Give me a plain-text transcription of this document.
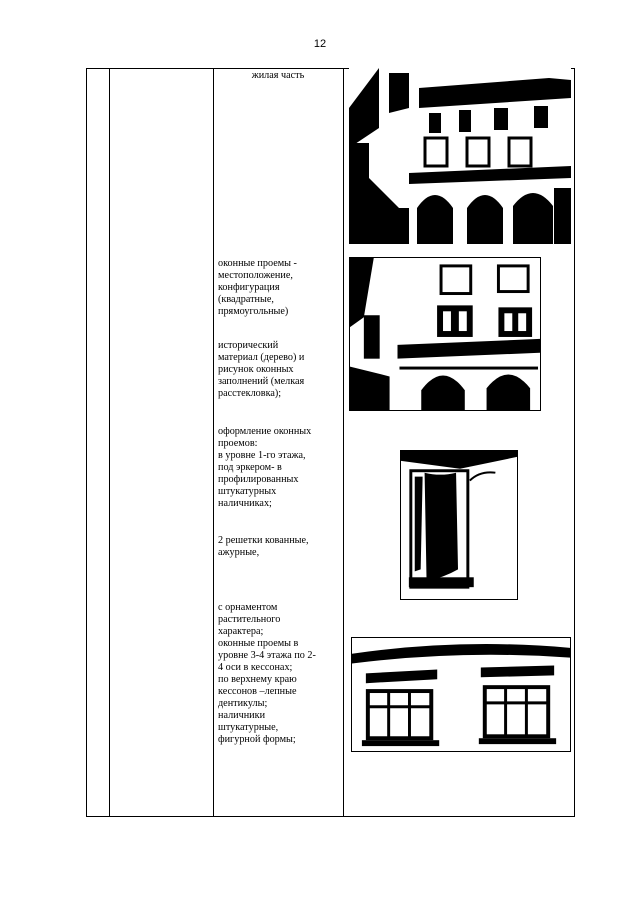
12

жилая часть

оконные проемы -

местоположение,

конфигурация

(квадратные,

прямоугольные)

исторический

материал (дерево) и

рисунок оконных

заполнений (мелкая

расстекловка);

оформление оконных

проемов:

в уровне 1-го этажа,

под эркером- в

профилированных

штукатурных

наличниках;

2 решетки кованные,

ажурные,

с орнаментом

растительного

характера;

оконные проемы в

уровне 3-4 этажа по 2-

4 оси в кессонах;

по верхнему краю

кессонов –лепные

дентикулы;

наличники

штукатурные,

фигурной формы;
